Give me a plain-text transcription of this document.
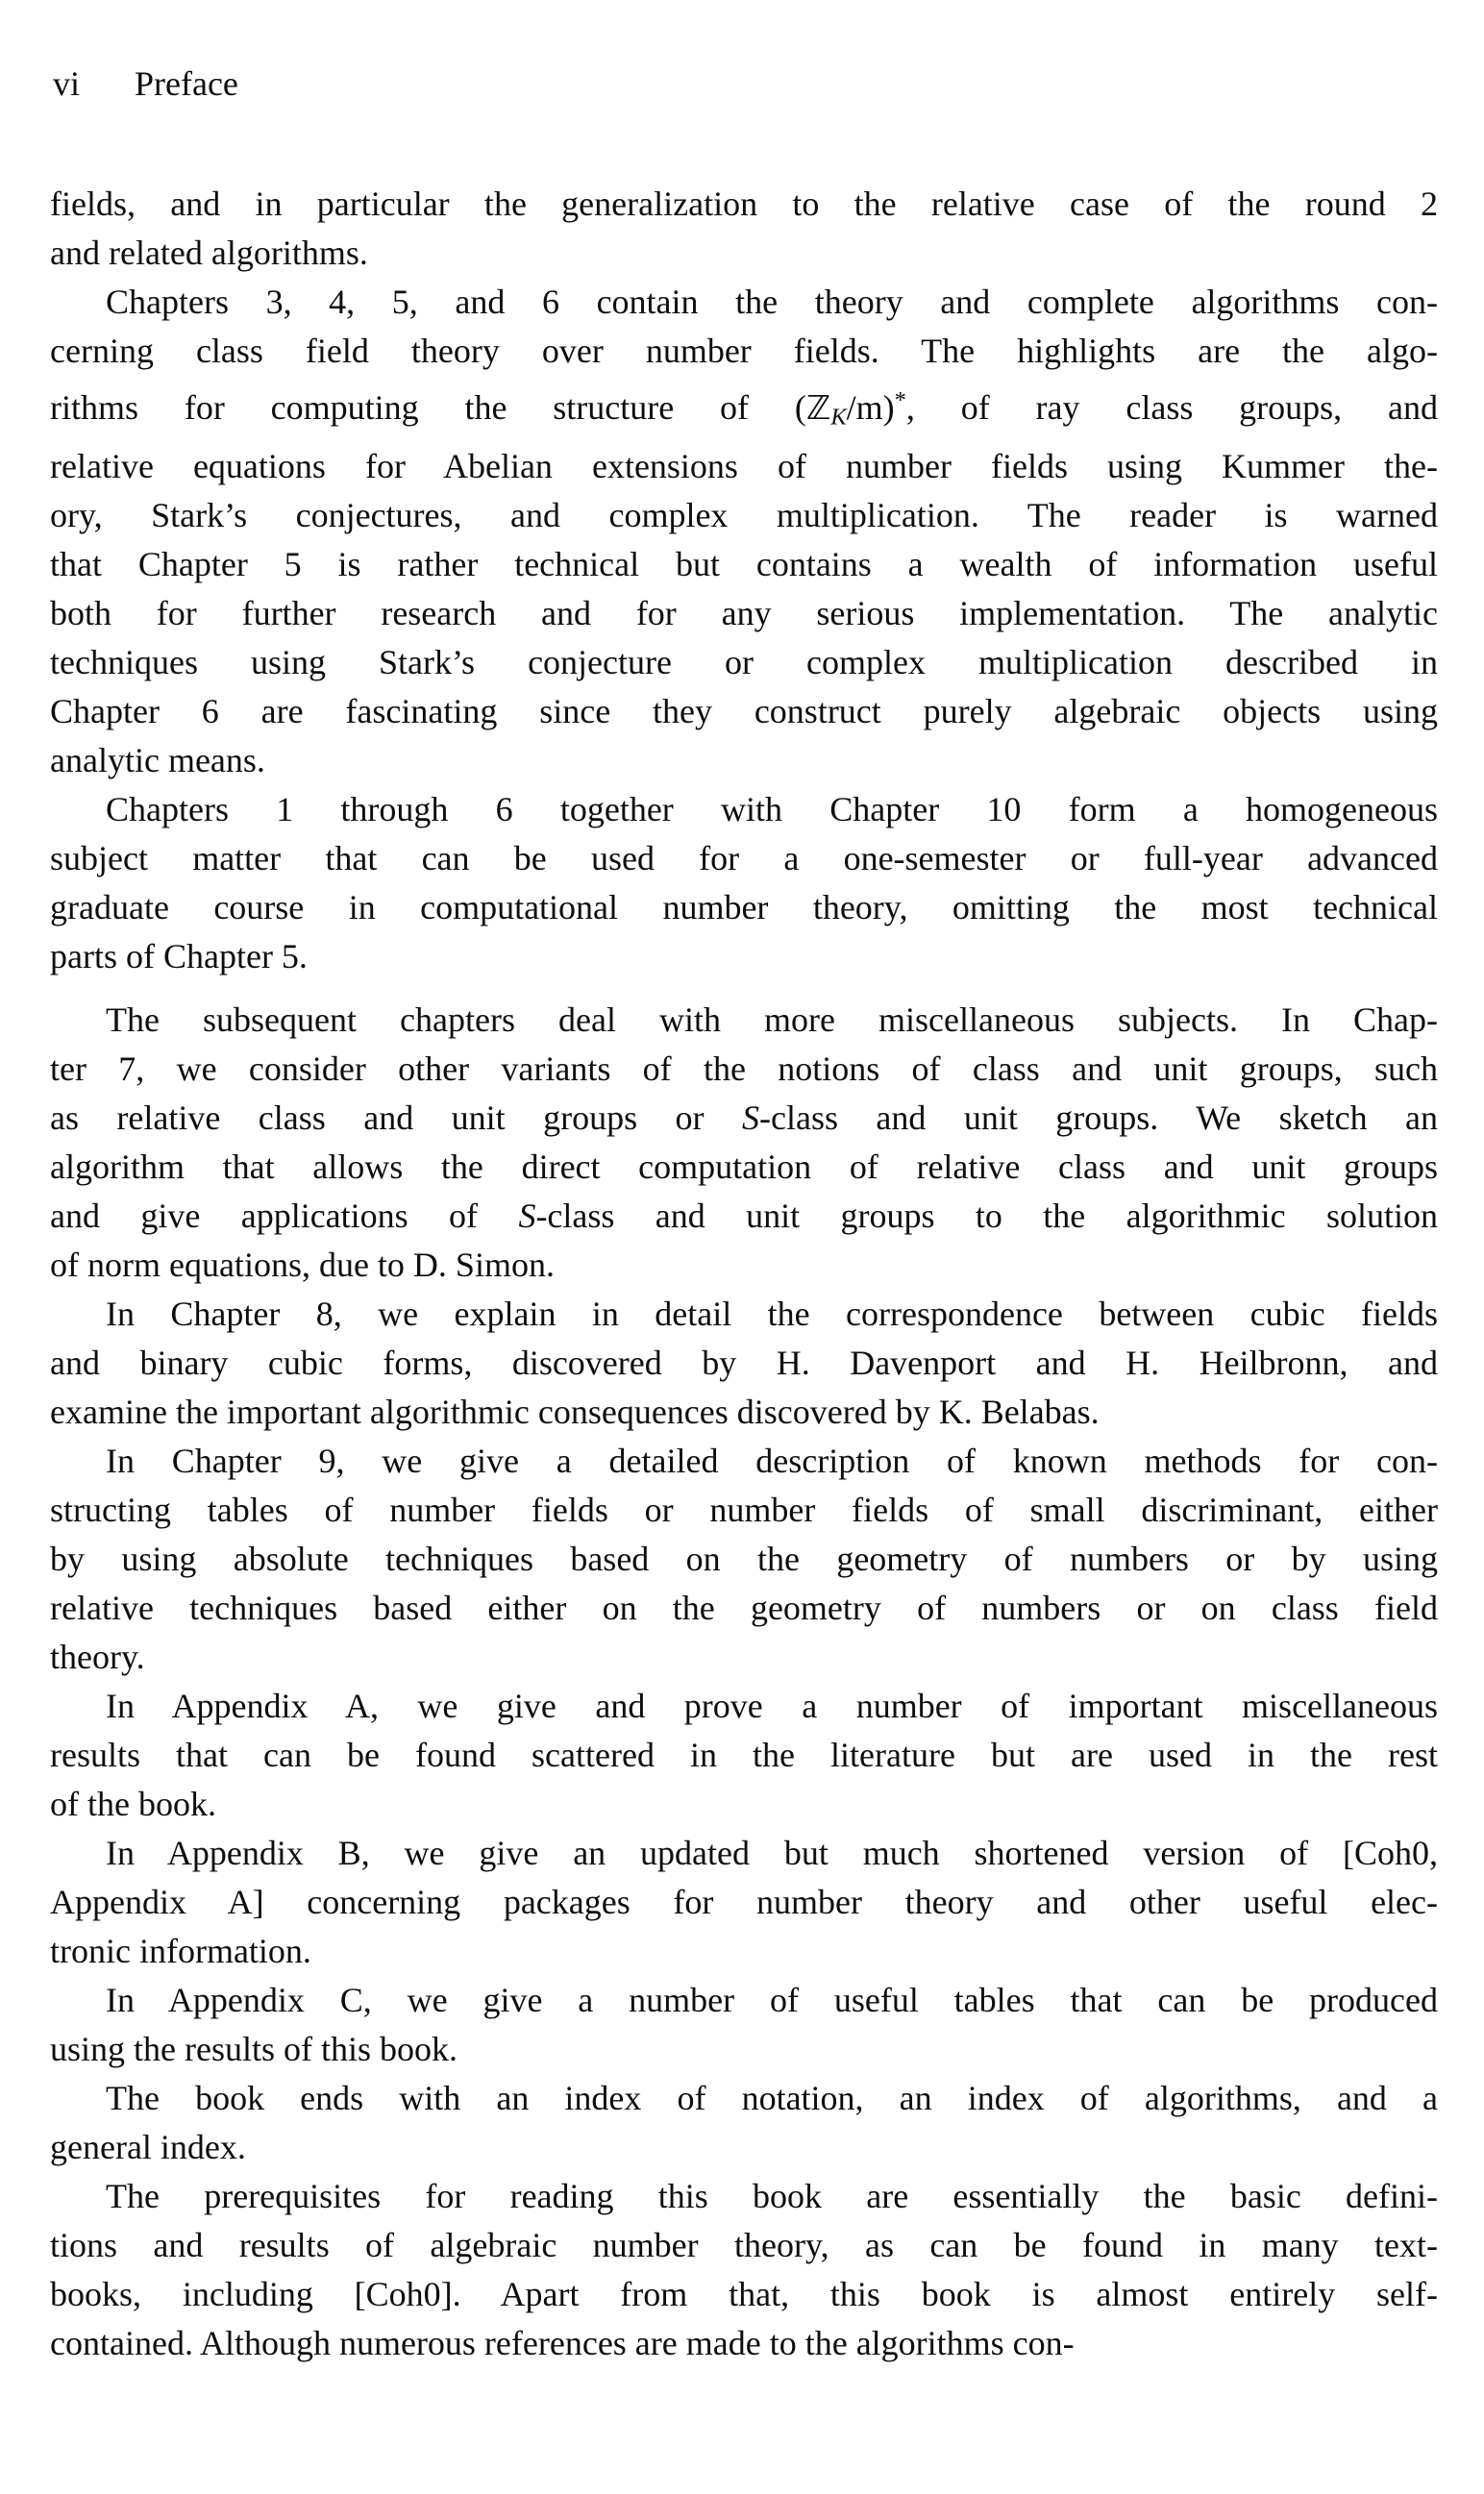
vi Preface
fields, and in particular the generalization to the relative case of the round 2
and related algorithms.
Chapters 3, 4, 5, and 6 contain the theory and complete algorithms con-
cerning class field theory over number fields. The highlights are the algo-
rithms for computing the structure of (ℤK/m)*, of ray class groups, and
relative equations for Abelian extensions of number fields using Kummer the-
ory, Stark’s conjectures, and complex multiplication. The reader is warned
that Chapter 5 is rather technical but contains a wealth of information useful
both for further research and for any serious implementation. The analytic
techniques using Stark’s conjecture or complex multiplication described in
Chapter 6 are fascinating since they construct purely algebraic objects using
analytic means.
Chapters 1 through 6 together with Chapter 10 form a homogeneous
subject matter that can be used for a one-semester or full-year advanced
graduate course in computational number theory, omitting the most technical
parts of Chapter 5.
The subsequent chapters deal with more miscellaneous subjects. In Chap-
ter 7, we consider other variants of the notions of class and unit groups, such
as relative class and unit groups or S-class and unit groups. We sketch an
algorithm that allows the direct computation of relative class and unit groups
and give applications of S-class and unit groups to the algorithmic solution
of norm equations, due to D. Simon.
In Chapter 8, we explain in detail the correspondence between cubic fields
and binary cubic forms, discovered by H. Davenport and H. Heilbronn, and
examine the important algorithmic consequences discovered by K. Belabas.
In Chapter 9, we give a detailed description of known methods for con-
structing tables of number fields or number fields of small discriminant, either
by using absolute techniques based on the geometry of numbers or by using
relative techniques based either on the geometry of numbers or on class field
theory.
In Appendix A, we give and prove a number of important miscellaneous
results that can be found scattered in the literature but are used in the rest
of the book.
In Appendix B, we give an updated but much shortened version of [Coh0,
Appendix A] concerning packages for number theory and other useful elec-
tronic information.
In Appendix C, we give a number of useful tables that can be produced
using the results of this book.
The book ends with an index of notation, an index of algorithms, and a
general index.
The prerequisites for reading this book are essentially the basic defini-
tions and results of algebraic number theory, as can be found in many text-
books, including [Coh0]. Apart from that, this book is almost entirely self-
contained. Although numerous references are made to the algorithms con-
